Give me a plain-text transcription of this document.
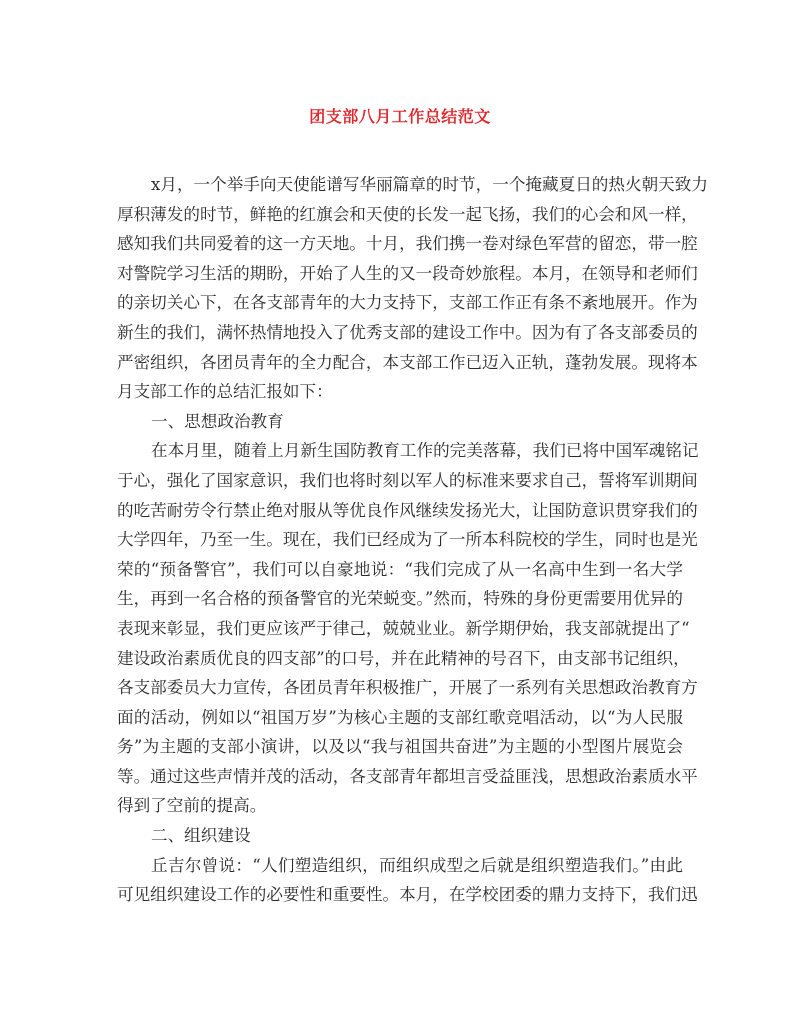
团支部八月工作总结范文
x月，一个举手向天使能谱写华丽篇章的时节，一个掩藏夏日的热火朝天致力
厚积薄发的时节，鲜艳的红旗会和天使的长发一起飞扬，我们的心会和风一样，
感知我们共同爱着的这一方天地。十月，我们携一卷对绿色军营的留恋，带一腔
对警院学习生活的期盼，开始了人生的又一段奇妙旅程。本月，在领导和老师们
的亲切关心下，在各支部青年的大力支持下，支部工作正有条不紊地展开。作为
新生的我们，满怀热情地投入了优秀支部的建设工作中。因为有了各支部委员的
严密组织，各团员青年的全力配合，本支部工作已迈入正轨，蓬勃发展。现将本
月支部工作的总结汇报如下：
一、思想政治教育
在本月里，随着上月新生国防教育工作的完美落幕，我们已将中国军魂铭记
于心，强化了国家意识，我们也将时刻以军人的标准来要求自己，誓将军训期间
的吃苦耐劳令行禁止绝对服从等优良作风继续发扬光大，让国防意识贯穿我们的
大学四年，乃至一生。现在，我们已经成为了一所本科院校的学生，同时也是光
荣的“预备警官”，我们可以自豪地说：“我们完成了从一名高中生到一名大学
生，再到一名合格的预备警官的光荣蜕变。”然而，特殊的身份更需要用优异的
表现来彰显，我们更应该严于律己，兢兢业业。新学期伊始，我支部就提出了“
建设政治素质优良的四支部”的口号，并在此精神的号召下，由支部书记组织，
各支部委员大力宣传，各团员青年积极推广，开展了一系列有关思想政治教育方
面的活动，例如以“祖国万岁”为核心主题的支部红歌竞唱活动，以“为人民服
务”为主题的支部小演讲，以及以“我与祖国共奋进”为主题的小型图片展览会
等。通过这些声情并茂的活动，各支部青年都坦言受益匪浅，思想政治素质水平
得到了空前的提高。
二、组织建设
丘吉尔曾说：“人们塑造组织，而组织成型之后就是组织塑造我们。”由此
可见组织建设工作的必要性和重要性。本月，在学校团委的鼎力支持下，我们迅
